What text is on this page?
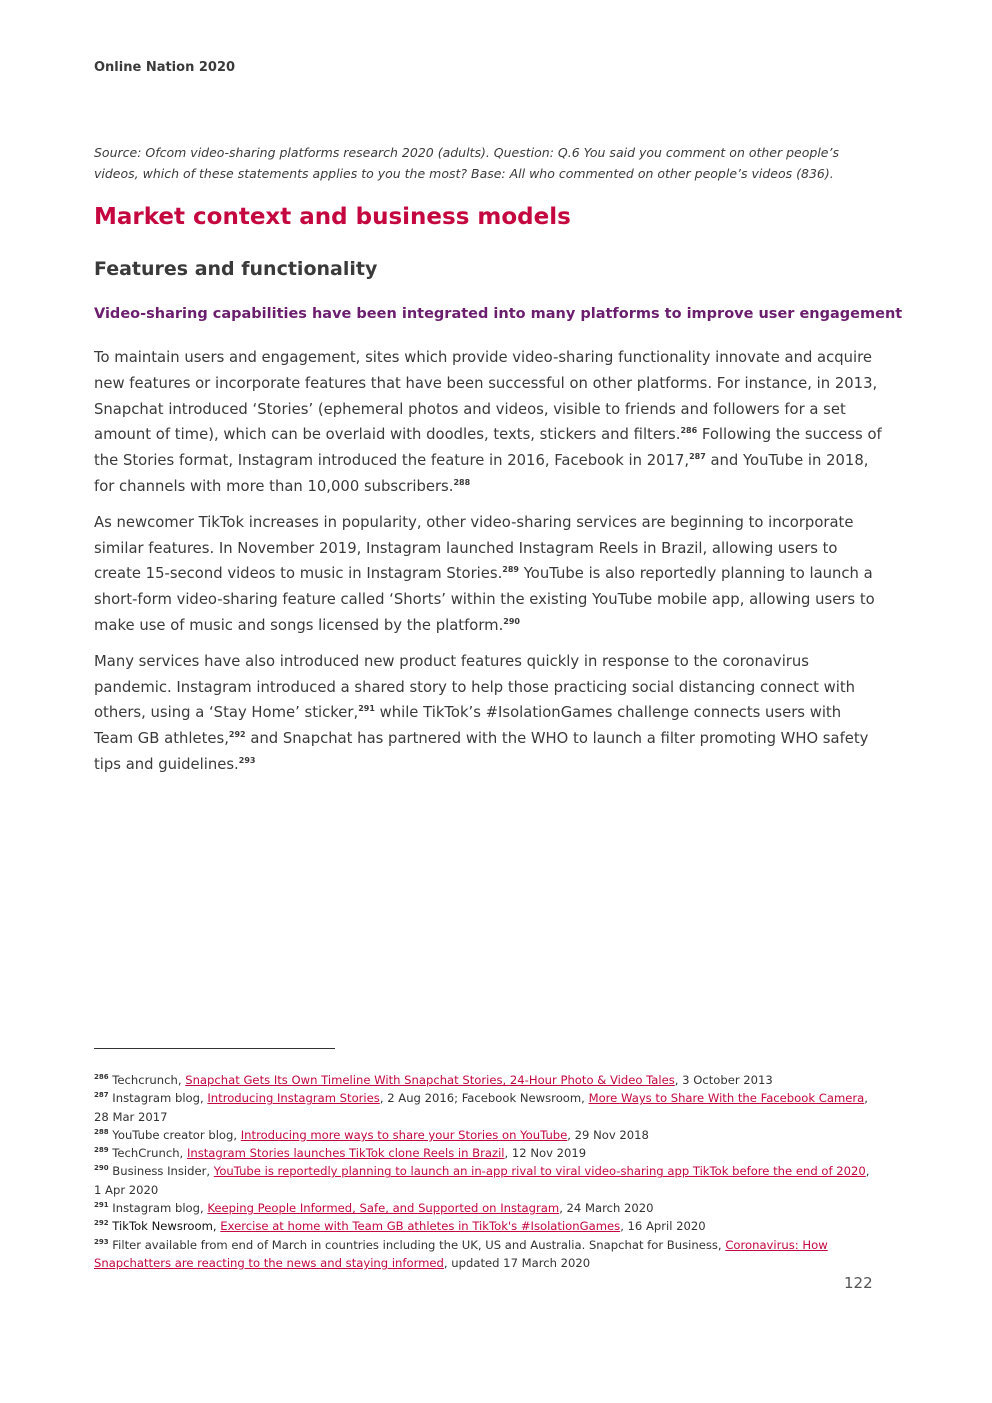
Online Nation 2020
Source: Ofcom video-sharing platforms research 2020 (adults). Question: Q.6 You said you comment on other people’s videos, which of these statements applies to you the most? Base: All who commented on other people’s videos (836).
Market context and business models
Features and functionality
Video-sharing capabilities have been integrated into many platforms to improve user engagement

To maintain users and engagement, sites which provide video-sharing functionality innovate and acquire new features or incorporate features that have been successful on other platforms. For instance, in 2013, Snapchat introduced ‘Stories’ (ephemeral photos and videos, visible to friends and followers for a set amount of time), which can be overlaid with doodles, texts, stickers and filters.$^{286}$ Following the success of the Stories format, Instagram introduced the feature in 2016, Facebook in 2017,$^{287}$ and YouTube in 2018, for channels with more than 10,000 subscribers.$^{288}$

As newcomer TikTok increases in popularity, other video-sharing services are beginning to incorporate similar features. In November 2019, Instagram launched Instagram Reels in Brazil, allowing users to create 15-second videos to music in Instagram Stories.$^{289}$ YouTube is also reportedly planning to launch a short-form video-sharing feature called ‘Shorts’ within the existing YouTube mobile app, allowing users to make use of music and songs licensed by the platform.$^{290}$

Many services have also introduced new product features quickly in response to the coronavirus pandemic. Instagram introduced a shared story to help those practicing social distancing connect with others, using a ‘Stay Home’ sticker,$^{291}$ while TikTok’s #IsolationGames challenge connects users with Team GB athletes,$^{292}$ and Snapchat has partnered with the WHO to launch a filter promoting WHO safety tips and guidelines.$^{293}$

$^{286}$ Techcrunch, Snapchat Gets Its Own Timeline With Snapchat Stories, 24-Hour Photo & Video Tales, 3 October 2013

$^{287}$ Instagram blog, Introducing Instagram Stories, 2 Aug 2016; Facebook Newsroom, More Ways to Share With the Facebook Camera, 28 Mar 2017

$^{288}$ YouTube creator blog, Introducing more ways to share your Stories on YouTube, 29 Nov 2018

$^{289}$ TechCrunch, Instagram Stories launches TikTok clone Reels in Brazil, 12 Nov 2019

$^{290}$ Business Insider, YouTube is reportedly planning to launch an in-app rival to viral video-sharing app TikTok before the end of 2020, 1 Apr 2020

$^{291}$ Instagram blog, Keeping People Informed, Safe, and Supported on Instagram, 24 March 2020

$^{292}$ TikTok Newsroom, Exercise at home with Team GB athletes in TikTok's #IsolationGames, 16 April 2020

$^{293}$ Filter available from end of March in countries including the UK, US and Australia. Snapchat for Business, Coronavirus: How Snapchatters are reacting to the news and staying informed, updated 17 March 2020

122
